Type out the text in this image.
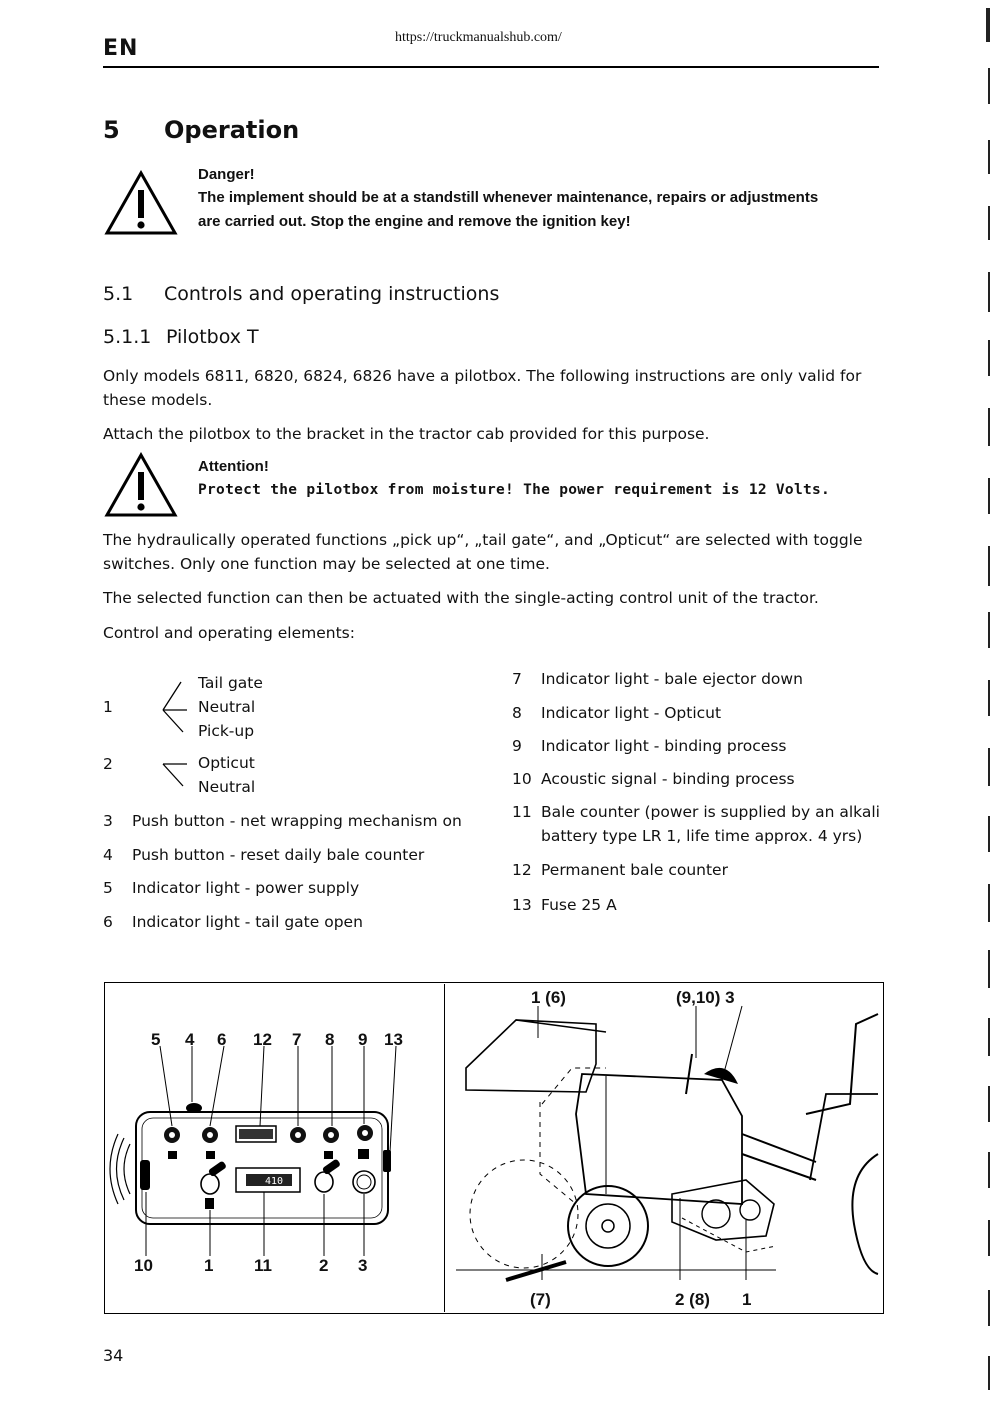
EN	https://truckmanualshub.com/
5 Operation
Danger!
The implement should be at a standstill whenever maintenance, repairs or adjustments
are carried out. Stop the engine and remove the ignition key!
5.1 Controls and operating instructions
5.1.1 Pilotbox T
Only models 6811, 6820, 6824, 6826 have a pilotbox. The following instructions are only valid for these models.
Attach the pilotbox to the bracket in the tractor cab provided for this purpose.
Attention!
Protect the pilotbox from moisture! The power requirement is 12 Volts.
The hydraulically operated functions „pick up“, „tail gate“, and „Opticut“ are selected with toggle switches. Only one function may be selected at one time.
The selected function can then be actuated with the single-acting control unit of the tractor.
Control and operating elements:
1
Tail gate
Neutral
Pick-up
2	Opticut
Neutral
3 Push button - net wrapping mechanism on
4 Push button - reset daily bale counter
5 Indicator light - power supply
6 Indicator light - tail gate open
7 Indicator light - bale ejector down
8 Indicator light - Opticut
9 Indicator light - binding process
10 Acoustic signal - binding process
11 Bale counter (power is supplied by an alkali
battery type LR 1, life time approx. 4 yrs)
12 Permanent bale counter
13 Fuse 25 A
410
5 4 6 12 7 8 9 13
10	1 11	2 3
1 (6)	(9,10) 3
(7)	2 (8) 1
34
